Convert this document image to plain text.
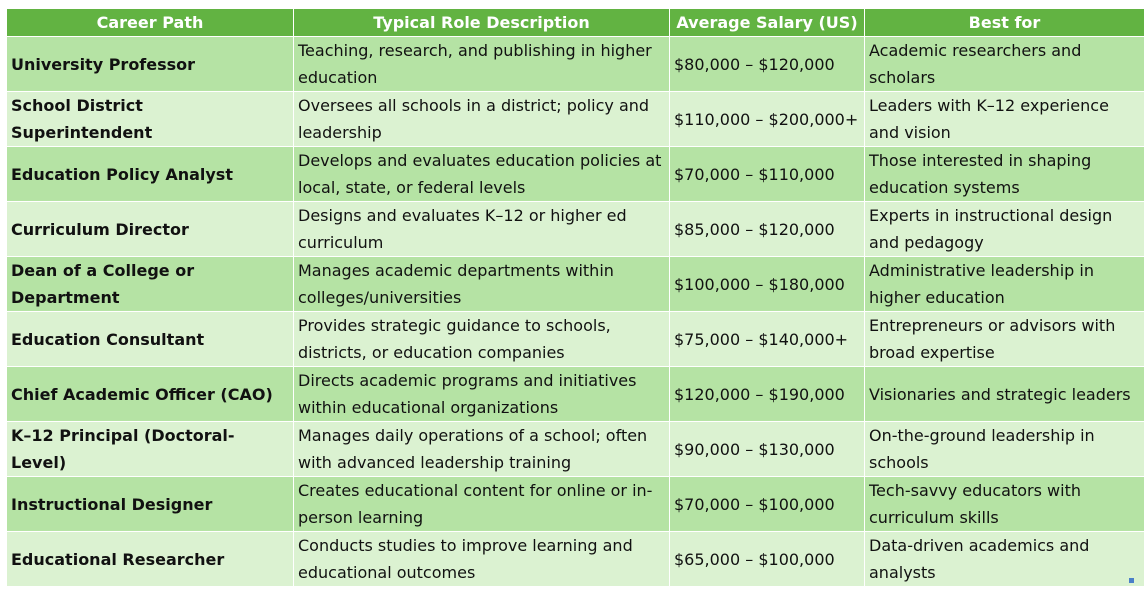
Career Path	Typical Role Description	Average Salary (US)	Best for
University Professor	Teaching, research, and publishing in higher education	$80,000 – $120,000	Academic researchers and scholars
School District Superintendent	Oversees all schools in a district; policy and leadership	$110,000 – $200,000+	Leaders with K–12 experience and vision
Education Policy Analyst	Develops and evaluates education policies at local, state, or federal levels	$70,000 – $110,000	Those interested in shaping education systems
Curriculum Director	Designs and evaluates K–12 or higher ed curriculum	$85,000 – $120,000	Experts in instructional design and pedagogy
Dean of a College or Department	Manages academic departments within colleges/universities	$100,000 – $180,000	Administrative leadership in higher education
Education Consultant	Provides strategic guidance to schools, districts, or education companies	$75,000 – $140,000+	Entrepreneurs or advisors with broad expertise
Chief Academic Officer (CAO)	Directs academic programs and initiatives within educational organizations	$120,000 – $190,000	Visionaries and strategic leaders
K–12 Principal (Doctoral-Level)	Manages daily operations of a school; often with advanced leadership training	$90,000 – $130,000	On-the-ground leadership in schools
Instructional Designer	Creates educational content for online or in-person learning	$70,000 – $100,000	Tech-savvy educators with curriculum skills
Educational Researcher	Conducts studies to improve learning and educational outcomes	$65,000 – $100,000	Data-driven academics and analysts
